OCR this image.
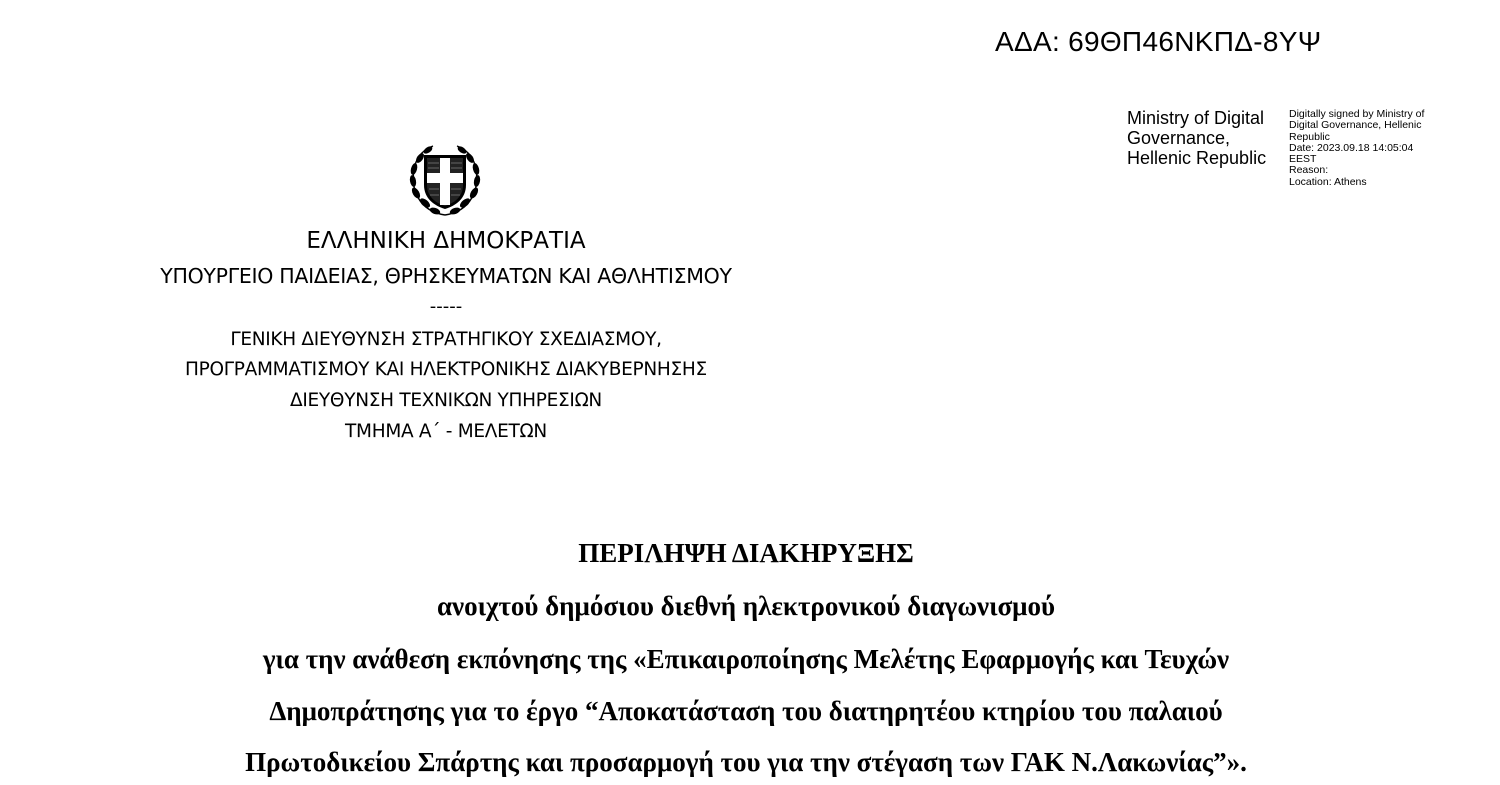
ΑΔΑ: 69ΘΠ46ΝΚΠΔ-8ΥΨ
Ministry of Digital
Governance,
Hellenic Republic
Digitally signed by Ministry of
Digital Governance, Hellenic
Republic
Date: 2023.09.18 14:05:04
EEST
Reason:
Location: Athens
ΕΛΛΗΝΙΚΗ ΔΗΜΟΚΡΑΤΙΑ
ΥΠΟΥΡΓΕΙΟ ΠΑΙΔΕΙΑΣ, ΘΡΗΣΚΕΥΜΑΤΩΝ ΚΑΙ ΑΘΛΗΤΙΣΜΟΥ
-----
ΓΕΝΙΚΗ ΔΙΕΥΘΥΝΣΗ ΣΤΡΑΤΗΓΙΚΟΥ ΣΧΕΔΙΑΣΜΟΥ,
ΠΡΟΓΡΑΜΜΑΤΙΣΜΟΥ ΚΑΙ ΗΛΕΚΤΡΟΝΙΚΗΣ ΔΙΑΚΥΒΕΡΝΗΣΗΣ
ΔΙΕΥΘΥΝΣΗ ΤΕΧΝΙΚΩΝ ΥΠΗΡΕΣΙΩΝ
ΤΜΗΜΑ Α΄ - ΜΕΛΕΤΩΝ
ΠΕΡΙΛΗΨΗ ΔΙΑΚΗΡΥΞΗΣ
ανοιχτού δημόσιου διεθνή ηλεκτρονικού διαγωνισμού
για την ανάθεση εκπόνησης της «Επικαιροποίησης Μελέτης Εφαρμογής και Τευχών
Δημοπράτησης για το έργο “Αποκατάσταση του διατηρητέου κτηρίου του παλαιού
Πρωτοδικείου Σπάρτης και προσαρμογή του για την στέγαση των ΓΑΚ Ν.Λακωνίας”».
